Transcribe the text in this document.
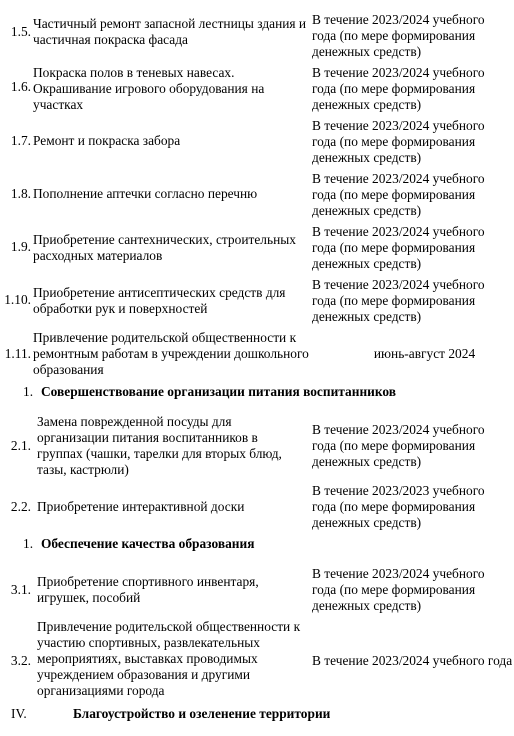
1.5.
Частичный ремонт запасной лестницы здания и частичная покраска фасада
В течение 2023/2024 учебного года (по мере формирования денежных средств)
1.6.
Покраска полов в теневых навесах. Окрашивание игрового оборудования на участках
В течение 2023/2024 учебного года (по мере формирования денежных средств)
1.7. Ремонт и покраска забора
В течение 2023/2024 учебного года (по мере формирования денежных средств)
1.8. Пополнение аптечки согласно перечню
В течение 2023/2024 учебного года (по мере формирования денежных средств)
1.9. Приобретение сантехнических, строительных расходных материалов
В течение 2023/2024 учебного года (по мере формирования денежных средств)
1.10. Приобретение антисептических средств для обработки рук и поверхностей
В течение 2023/2024 учебного года (по мере формирования денежных средств)
1.11.
Привлечение родительской общественности к ремонтным работам в учреждении дошкольного образования
июнь-август 2024
1. Совершенствование организации питания воспитанников
2.1.
Замена поврежденной посуды для организации питания воспитанников в группах (чашки, тарелки для вторых блюд, тазы, кастрюли)
В течение 2023/2024 учебного года (по мере формирования денежных средств)
2.2. Приобретение интерактивной доски
В течение 2023/2023 учебного года (по мере формирования денежных средств)
1. Обеспечение качества образования
3.1.
Приобретение спортивного инвентаря, игрушек, пособий
В течение 2023/2024 учебного года (по мере формирования денежных средств)
3.2.
Привлечение родительской общественности к участию спортивных, развлекательных мероприятиях, выставках проводимых учреждением образования и другими организациями города
В течение 2023/2024 учебного года
IV.	Благоустройство и озеленение территории
